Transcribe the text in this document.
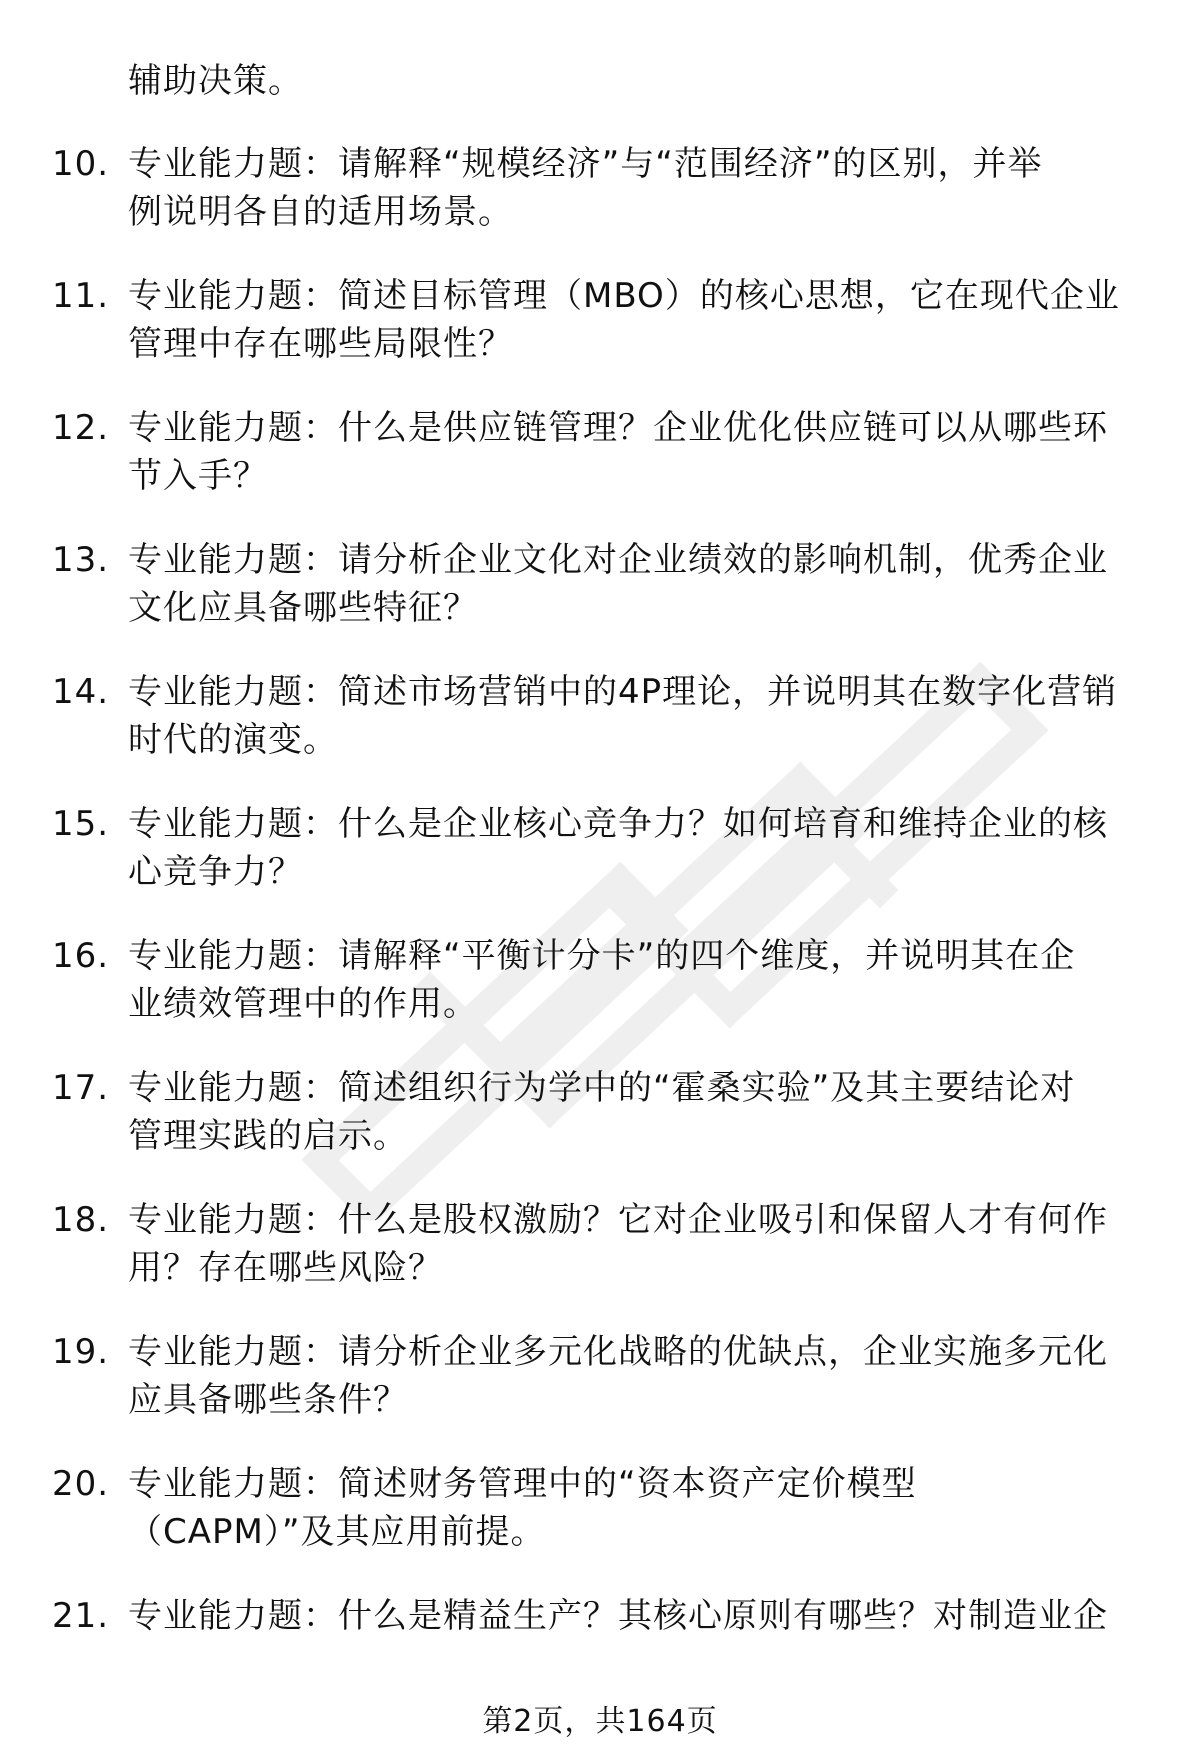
辅助决策。
10. 专业能力题：请解释“规模经济”与“范围经济”的区别，并举
例说明各自的适用场景。
11. 专业能力题：简述目标管理（MBO）的核心思想，它在现代企业
管理中存在哪些局限性？
12. 专业能力题：什么是供应链管理？企业优化供应链可以从哪些环
节入手？
13. 专业能力题：请分析企业文化对企业绩效的影响机制，优秀企业
文化应具备哪些特征？
14. 专业能力题：简述市场营销中的4P理论，并说明其在数字化营销
时代的演变。
15. 专业能力题：什么是企业核心竞争力？如何培育和维持企业的核
心竞争力？
16. 专业能力题：请解释“平衡计分卡”的四个维度，并说明其在企
业绩效管理中的作用。
17. 专业能力题：简述组织行为学中的“霍桑实验”及其主要结论对
管理实践的启示。
18. 专业能力题：什么是股权激励？它对企业吸引和保留人才有何作
用？存在哪些风险？
19. 专业能力题：请分析企业多元化战略的优缺点，企业实施多元化
应具备哪些条件？
20. 专业能力题：简述财务管理中的“资本资产定价模型
（CAPM）”及其应用前提。
21. 专业能力题：什么是精益生产？其核心原则有哪些？对制造业企
第2页，共164页
